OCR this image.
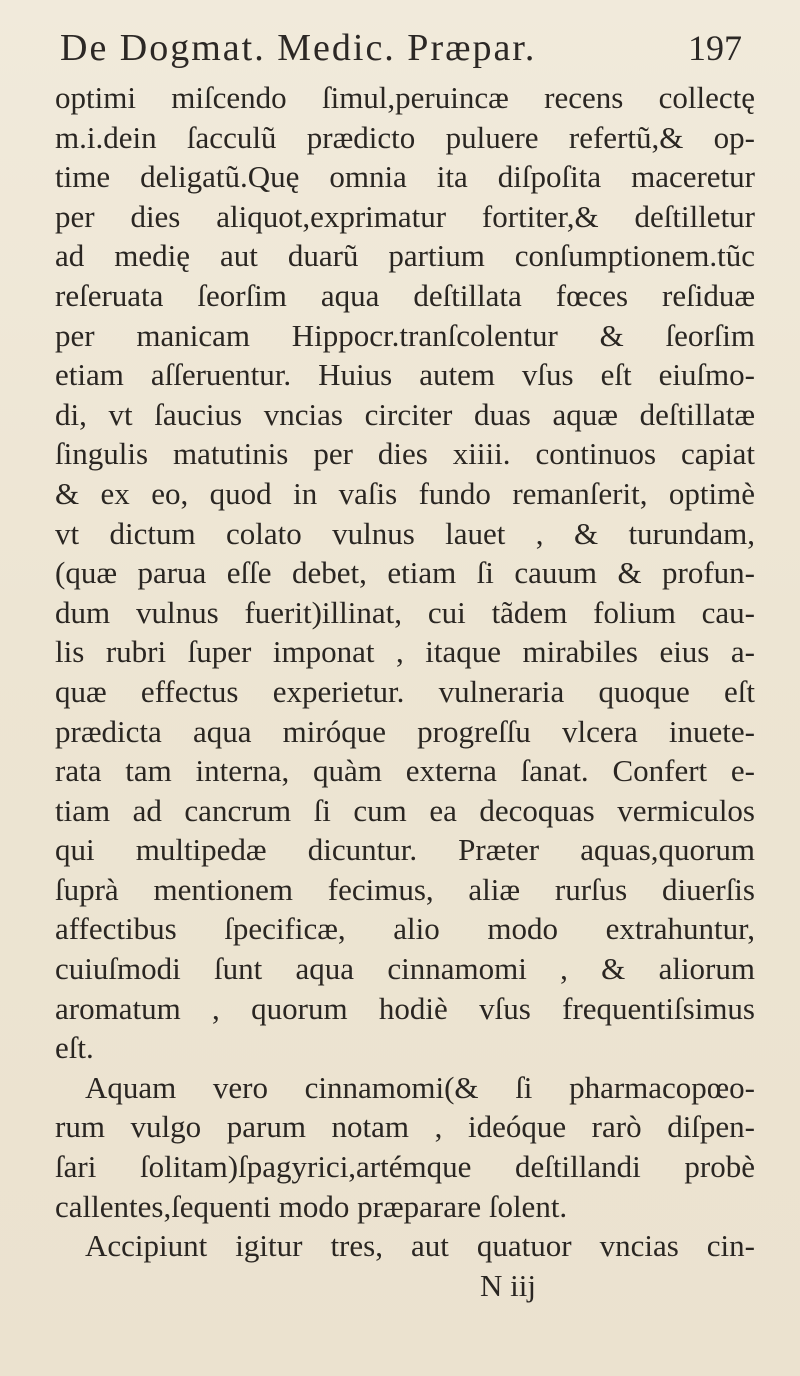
De Dogmat. Medic. Præpar.	197
optimi miſcendo ſimul,peruincæ recens collectę
m.i.dein ſacculũ prædicto puluere refertũ,& op-
time deligatũ.Quę omnia ita diſpoſita maceretur
per dies aliquot,exprimatur fortiter,& deſtilletur
ad medię aut duarũ partium conſumptionem.tũc
reſeruata ſeorſim aqua deſtillata fœces reſiduæ
per manicam Hippocr.tranſcolentur & ſeorſim
etiam aſſeruentur. Huius autem vſus eſt eiuſmo-
di, vt ſaucius vncias circiter duas aquæ deſtillatæ
ſingulis matutinis per dies xiiii. continuos capiat
& ex eo, quod in vaſis fundo remanſerit, optimè
vt dictum colato vulnus lauet , & turundam,
(quæ parua eſſe debet, etiam ſi cauum & profun-
dum vulnus fuerit)illinat, cui tãdem folium cau-
lis rubri ſuper imponat , itaque mirabiles eius a-
quæ effectus experietur. vulneraria quoque eſt
prædicta aqua miróque progreſſu vlcera inuete-
rata tam interna, quàm externa ſanat. Confert e-
tiam ad cancrum ſi cum ea decoquas vermiculos
qui multipedæ dicuntur. Præter aquas,quorum
ſuprà mentionem fecimus, aliæ rurſus diuerſis
affectibus ſpecificæ, alio modo extrahuntur,
cuiuſmodi ſunt aqua cinnamomi , & aliorum
aromatum , quorum hodiè vſus frequentiſsimus
eſt.
Aquam vero cinnamomi(& ſi pharmacopœo-
rum vulgo parum notam , ideóque rarò diſpen-
ſari ſolitam)ſpagyrici,artémque deſtillandi probè
callentes,ſequenti modo præparare ſolent.
Accipiunt igitur tres, aut quatuor vncias cin-
N iij
